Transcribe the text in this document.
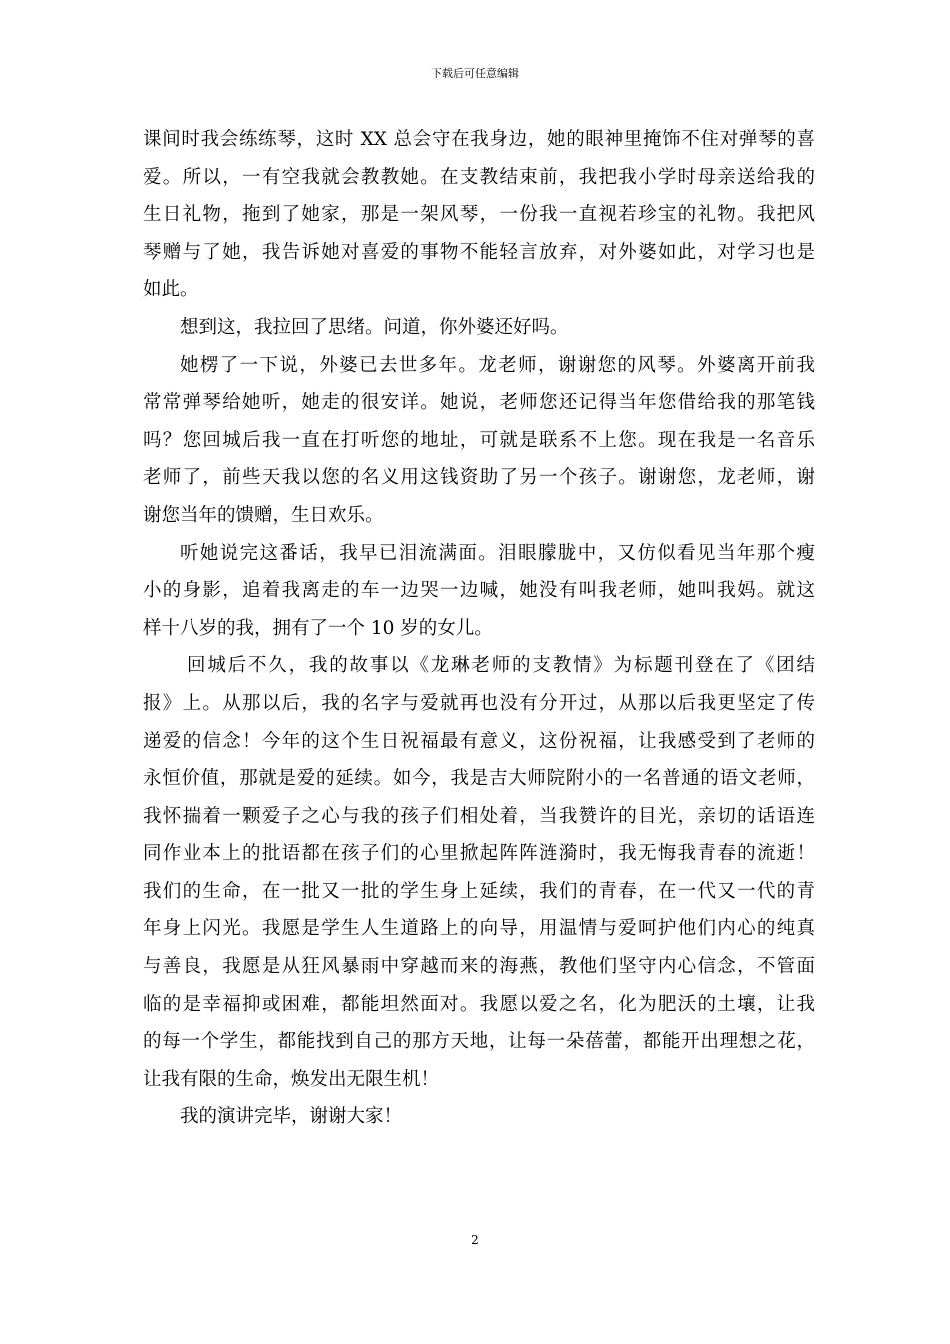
下载后可任意编辑
课间时我会练练琴，这时 XX 总会守在我身边，她的眼神里掩饰不住对弹琴的喜
爱。所以，一有空我就会教教她。在支教结束前，我把我小学时母亲送给我的
生日礼物，拖到了她家，那是一架风琴，一份我一直视若珍宝的礼物。我把风
琴赠与了她，我告诉她对喜爱的事物不能轻言放弃，对外婆如此，对学习也是
如此。
想到这，我拉回了思绪。问道，你外婆还好吗。
她楞了一下说，外婆已去世多年。龙老师，谢谢您的风琴。外婆离开前我
常常弹琴给她听，她走的很安详。她说，老师您还记得当年您借给我的那笔钱
吗？您回城后我一直在打听您的地址，可就是联系不上您。现在我是一名音乐
老师了，前些天我以您的名义用这钱资助了另一个孩子。谢谢您，龙老师，谢
谢您当年的馈赠，生日欢乐。
听她说完这番话，我早已泪流满面。泪眼朦胧中，又仿似看见当年那个瘦
小的身影，追着我离走的车一边哭一边喊，她没有叫我老师，她叫我妈。就这
样十八岁的我，拥有了一个 10 岁的女儿。
回城后不久，我的故事以《龙琳老师的支教情》为标题刊登在了《团结
报》上。从那以后，我的名字与爱就再也没有分开过，从那以后我更坚定了传
递爱的信念！今年的这个生日祝福最有意义，这份祝福，让我感受到了老师的
永恒价值，那就是爱的延续。如今，我是吉大师院附小的一名普通的语文老师，
我怀揣着一颗爱子之心与我的孩子们相处着，当我赞许的目光，亲切的话语连
同作业本上的批语都在孩子们的心里掀起阵阵涟漪时，我无悔我青春的流逝！
我们的生命，在一批又一批的学生身上延续，我们的青春，在一代又一代的青
年身上闪光。我愿是学生人生道路上的向导，用温情与爱呵护他们内心的纯真
与善良，我愿是从狂风暴雨中穿越而来的海燕，教他们坚守内心信念，不管面
临的是幸福抑或困难，都能坦然面对。我愿以爱之名，化为肥沃的土壤，让我
的每一个学生，都能找到自己的那方天地，让每一朵蓓蕾，都能开出理想之花，
让我有限的生命，焕发出无限生机！
我的演讲完毕，谢谢大家！
2
